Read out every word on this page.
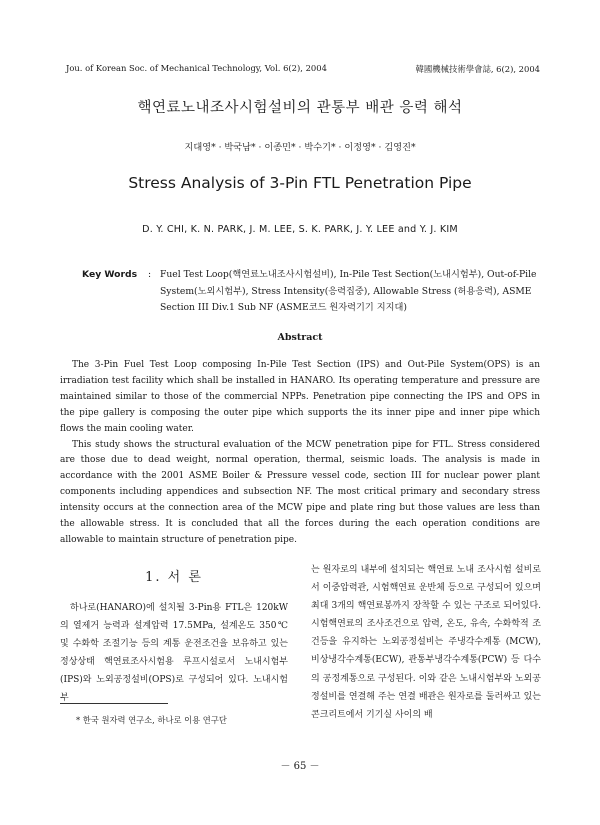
Jou. of Korean Soc. of Mechanical Technology, Vol. 6(2), 2004	韓國機械技術學會誌, 6(2), 2004
핵연료노내조사시험설비의 관통부 배관 응력 해석
지대영* · 박국남* · 이종민* · 박수기* · 이정영* · 김영진*
Stress Analysis of 3-Pin FTL Penetration Pipe
D. Y. CHI, K. N. PARK, J. M. LEE, S. K. PARK, J. Y. LEE and Y. J. KIM
Key Words	: Fuel Test Loop(핵연료노내조사시험설비), In-Pile Test Section(노내시험부), Out-of-Pile System(노외시험부), Stress Intensity(응력집중), Allowable Stress (허용응력), ASME Section III Div.1 Sub NF (ASME코드 원자력기기 지지대)
Abstract

The 3-Pin Fuel Test Loop composing In-Pile Test Section (IPS) and Out-Pile System(OPS) is an irradiation test facility which shall be installed in HANARO. Its operating temperature and pressure are maintained similar to those of the commercial NPPs. Penetration pipe connecting the IPS and OPS in the pipe gallery is composing the outer pipe which supports the its inner pipe and inner pipe which flows the main cooling water.

This study shows the structural evaluation of the MCW penetration pipe for FTL. Stress considered are those due to dead weight, normal operation, thermal, seismic loads. The analysis is made in accordance with the 2001 ASME Boiler & Pressure vessel code, section III for nuclear power plant components including appendices and subsection NF. The most critical primary and secondary stress intensity occurs at the connection area of the MCW pipe and plate ring but those values are less than the allowable stress. It is concluded that all the forces during the each operation conditions are allowable to maintain structure of penetration pipe.

1. 서 론

하나로(HANARO)에 설치될 3-Pin용 FTL은 120kW의 열제거 능력과 설계압력 17.5MPa, 설계온도 350℃ 및 수화학 조절기능 등의 계통 운전조건을 보유하고 있는 정상상태 핵연료조사시험용 루프시설로서 노내시험부(IPS)와 노외공정설비(OPS)로 구성되어 있다. 노내시험부

* 한국 원자력 연구소, 하나로 이용 연구단

는 원자로의 내부에 설치되는 핵연료 노내 조사시험 설비로서 이중압력관, 시험핵연료 운반체 등으로 구성되어 있으며 최대 3개의 핵연료봉까지 장착할 수 있는 구조로 되어있다. 시험핵연료의 조사조건으로 압력, 온도, 유속, 수화학적 조건등을 유지하는 노외공정설비는 주냉각수계통 (MCW), 비상냉각수계통(ECW), 관통부냉각수계통(PCW) 등 다수의 공정계통으로 구성된다. 이와 같은 노내시험부와 노외공정설비를 연결해 주는 연결 배관은 원자로를 둘러싸고 있는 콘크리트에서 기기실 사이의 배

－ 65 －
